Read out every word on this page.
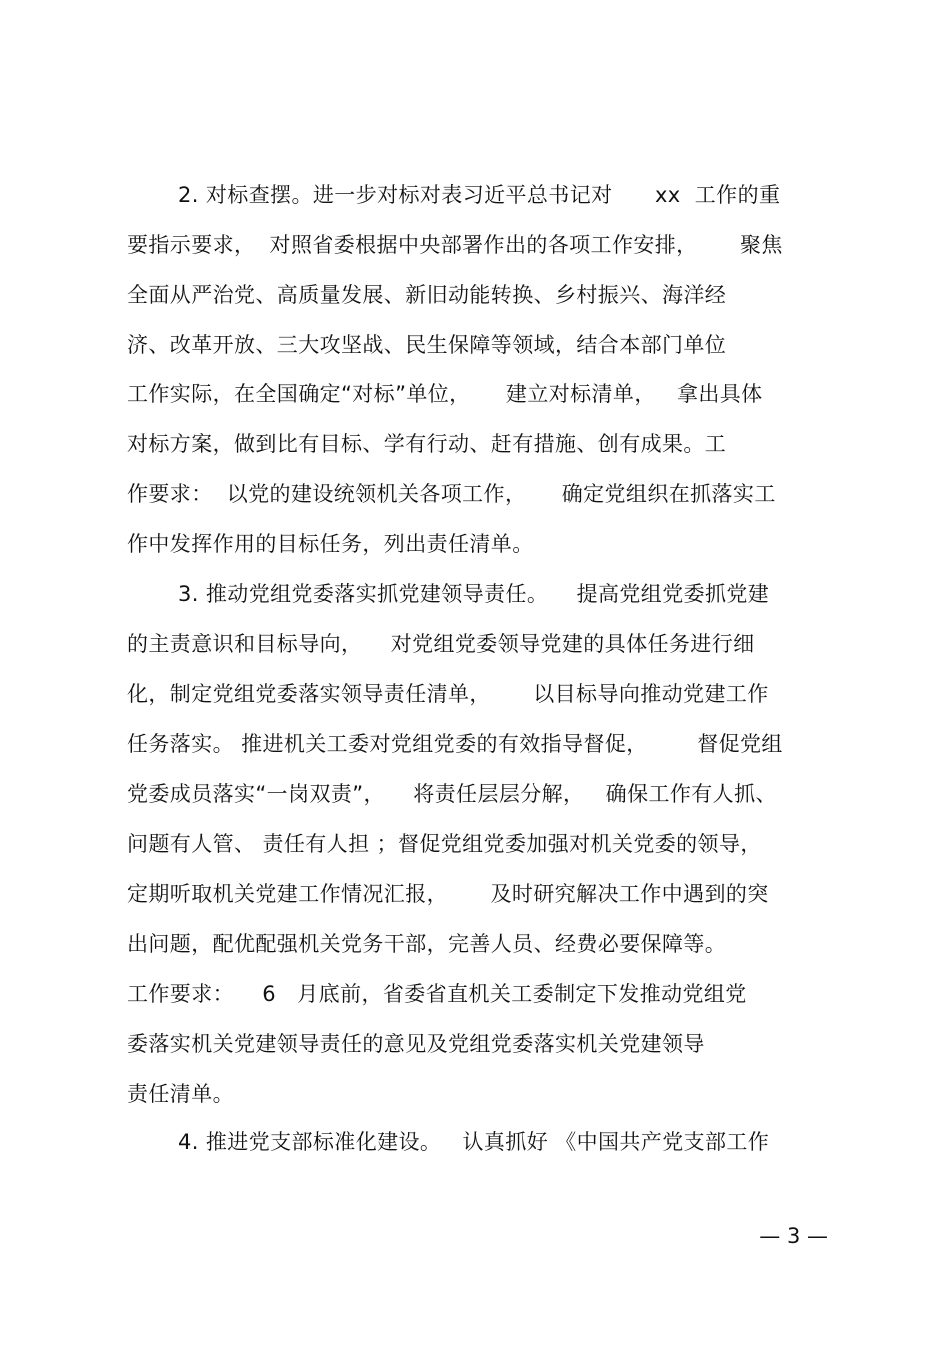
2. 对标查摆。进一步对标对表习近平总书记对      xx  工作的重
要指示要求，  对照省委根据中央部署作出的各项工作安排，      聚焦
全面从严治党、高质量发展、新旧动能转换、乡村振兴、海洋经
济、改革开放、三大攻坚战、民生保障等领域，结合本部门单位
工作实际，在全国确定“对标”单位，     建立对标清单，   拿出具体
对标方案，做到比有目标、学有行动、赶有措施、创有成果。工
作要求：  以党的建设统领机关各项工作，     确定党组织在抓落实工
作中发挥作用的目标任务，列出责任清单。
3. 推动党组党委落实抓党建领导责任。    提高党组党委抓党建
的主责意识和目标导向，    对党组党委领导党建的具体任务进行细
化，制定党组党委落实领导责任清单，      以目标导向推动党建工作
任务落实。 推进机关工委对党组党委的有效指导督促，       督促党组
党委成员落实“一岗双责”，    将责任层层分解，   确保工作有人抓、
问题有人管、 责任有人担 ；督促党组党委加强对机关党委的领导，
定期听取机关党建工作情况汇报，      及时研究解决工作中遇到的突
出问题，配优配强机关党务干部，完善人员、经费必要保障等。
工作要求：    6   月底前，省委省直机关工委制定下发推动党组党
委落实机关党建领导责任的意见及党组党委落实机关党建领导
责任清单。
4. 推进党支部标准化建设。   认真抓好 《中国共产党支部工作
— 3 —
